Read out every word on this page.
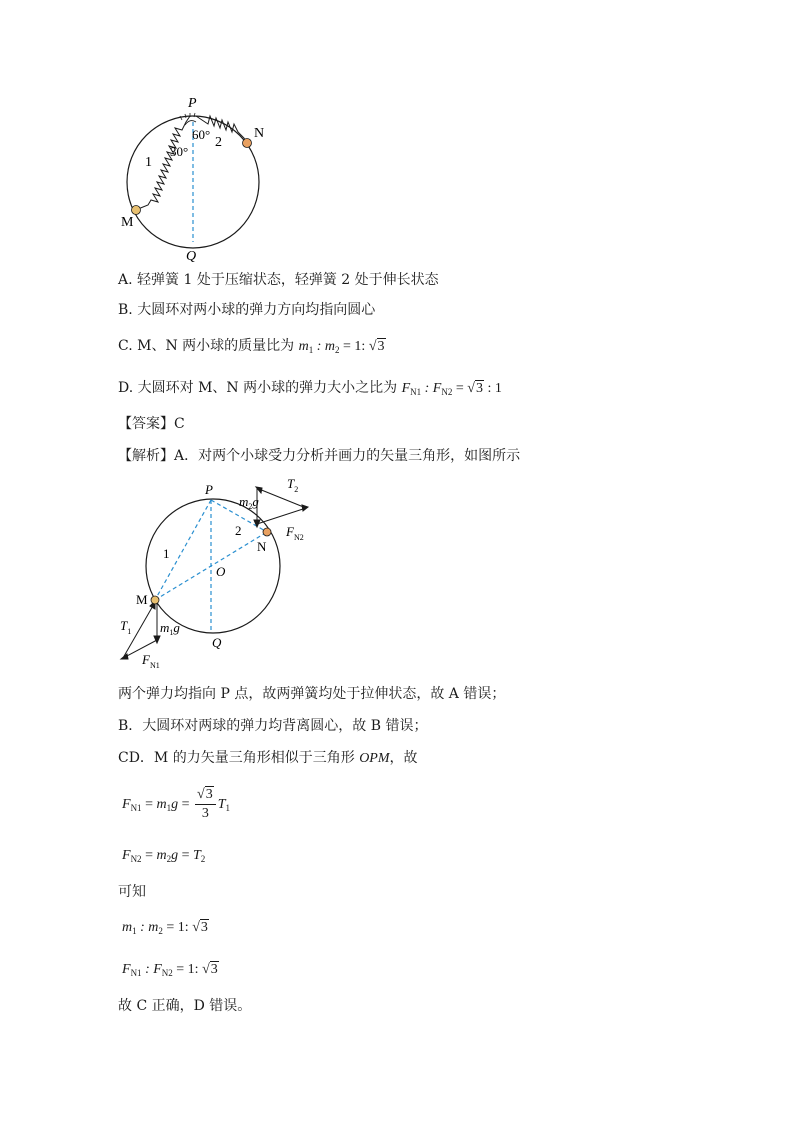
P
N
M
Q
60°
30°
1
2
A. 轻弹簧 1 处于压缩状态，轻弹簧 2 处于伸长状态
B. 大圆环对两小球的弹力方向均指向圆心
C. M、N 两小球的质量比为 $m_1$ : $m_2 = 1$: √3
D. 大圆环对 M、N 两小球的弹力大小之比为 $F_{N1}$ : $F_{N2} = √3$ : 1
【答案】C
【解析】A．对两个小球受力分析并画力的矢量三角形，如图所示
P
N
M
O
Q
1
2
$T_2$
$m_2g$
$F_{N2}$
$T_1$ $m_1g$
$F_{N1}$
两个弹力均指向 P 点，故两弹簧均处于拉伸状态，故 A 错误；
B．大圆环对两球的弹力均背离圆心，故 B 错误；
CD．M 的力矢量三角形相似于三角形 OPM，故
$F_{N1} = m_1g = \frac{√3}{3} T_1$
$F_{N2} = m_2g = T_2$
可知
$m_1$ : $m_2 = 1$: √3
$F_{N1}$ : $F_{N2} = 1$: √3
故 C 正确，D 错误。
